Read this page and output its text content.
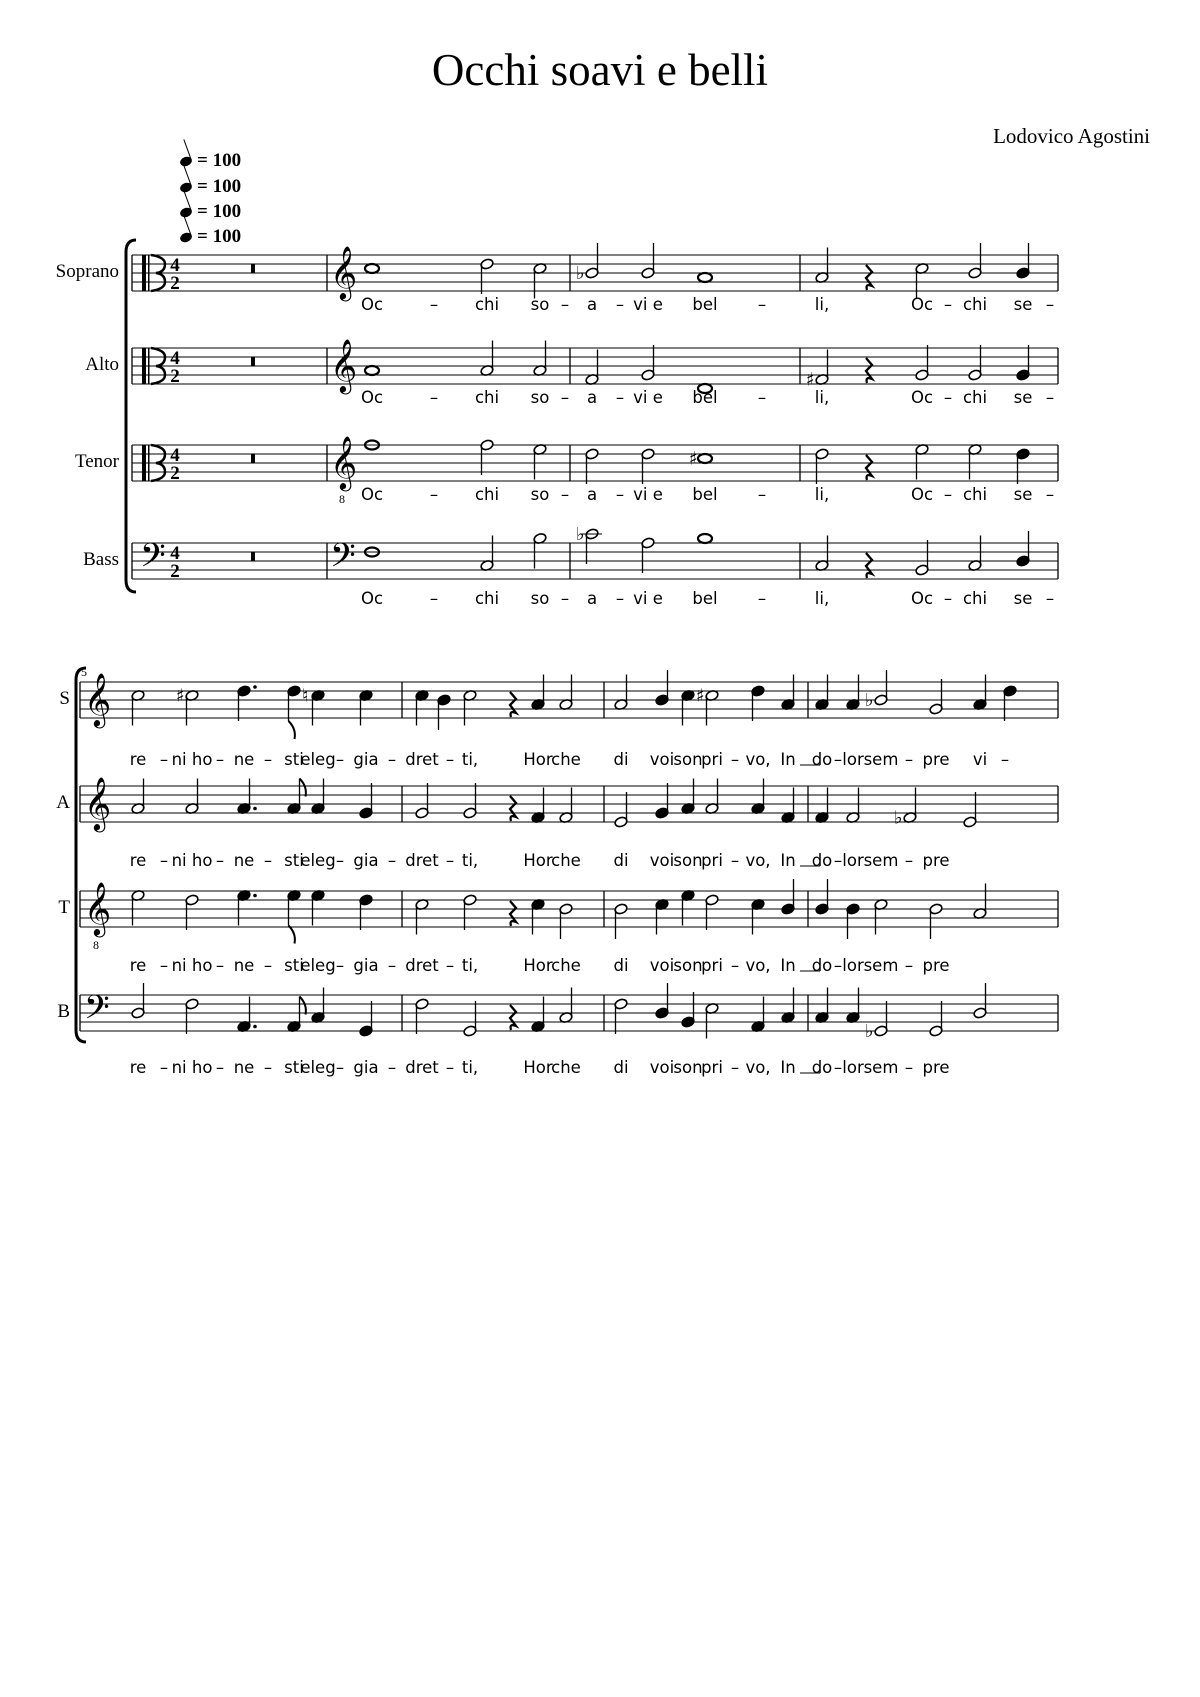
Occhi soavi e belli
Lodovico Agostini
= 100
= 100
= 100
= 100
Soprano	4
2	𝄞
Alto	4
2	𝄞
Tenor	4
2	𝄞
8
Bass 𝄢 4
2	𝄢
♭
♯
♯
♭
Oc	– chi so – a – vi e bel –	li,	Oc – chi se –
Oc	– chi so – a – vi e bel –	li,	Oc – chi se –
Oc	– chi so – a – vi e bel –	li,	Oc – chi se –
Oc	– chi so – a – vi e bel –	li,	Oc – chi se –
5
S 𝄞
A 𝄞
T 𝄞
8
B 𝄢
♯	♮	♯	♭
♭
♭
re – ni ho – ne – sti
eleg – gia – dret – ti,	Hor
che di voi son
pri – vo, In do – lor sem – pre vi –
re – ni ho – ne – sti
eleg – gia – dret – ti,	Hor
che di voi son
pri – vo, In do – lor sem – pre
re – ni ho – ne – sti
eleg – gia – dret – ti,	Hor
che di voi son
pri – vo, In do – lor sem – pre
re – ni ho – ne – sti
eleg – gia – dret – ti,	Hor
che di voi son
pri – vo, In do – lor sem – pre
